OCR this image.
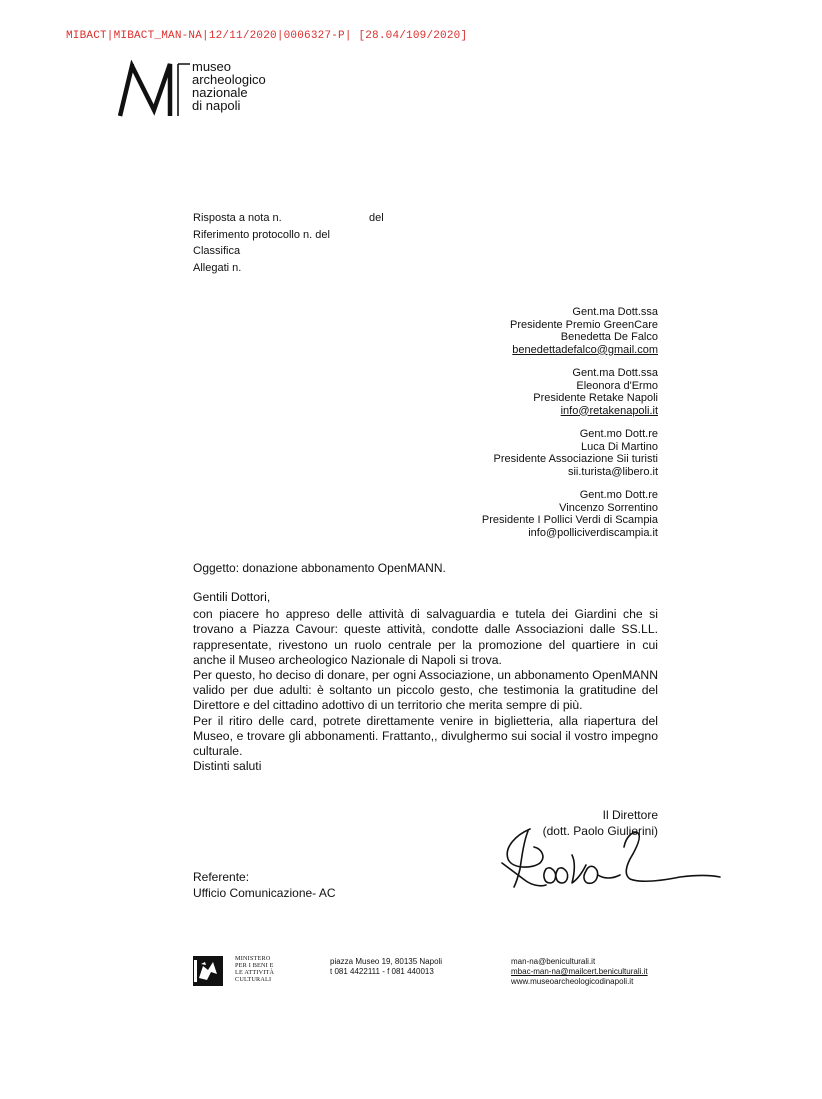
MIBACT|MIBACT_MAN-NA|12/11/2020|0006327-P| [28.04/109/2020]
museo
archeologico
nazionale
di napoli
Risposta a nota n.	del
Riferimento protocollo n. del
Classifica
Allegati n.
Gent.ma Dott.ssa
Presidente Premio GreenCare
Benedetta De Falco
benedettadefalco@gmail.com
Gent.ma Dott.ssa
Eleonora d'Ermo
Presidente Retake Napoli
info@retakenapoli.it
Gent.mo Dott.re
Luca Di Martino
Presidente Associazione Sii turisti
sii.turista@libero.it
Gent.mo Dott.re
Vincenzo Sorrentino
Presidente I Pollici Verdi di Scampia
info@polliciverdiscampia.it
Oggetto: donazione abbonamento OpenMANN.

Gentili Dottori,

con piacere ho appreso delle attività di salvaguardia e tutela dei Giardini che si trovano a Piazza Cavour: queste attività, condotte dalle Associazioni dalle SS.LL. rappresentate, rivestono un ruolo centrale per la promozione del quartiere in cui anche il Museo archeologico Nazionale di Napoli si trova.

Per questo, ho deciso di donare, per ogni Associazione, un abbonamento OpenMANN valido per due adulti: è soltanto un piccolo gesto, che testimonia la gratitudine del Direttore e del cittadino adottivo di un territorio che merita sempre di più.

Per il ritiro delle card, potrete direttamente venire in biglietteria, alla riapertura del Museo, e trovare gli abbonamenti. Frattanto,, divulghermo sui social il vostro impegno culturale.

Distinti saluti

Il Direttore
(dott. Paolo Giulierini)
Referente:
Ufficio Comunicazione- AC
MINISTERO
PER I BENI E
LE ATTIVITÀ
CULTURALI
piazza Museo 19, 80135 Napoli
t 081 4422111 - f 081 440013
man-na@beniculturali.it
mbac-man-na@mailcert.beniculturali.it
www.museoarcheologicodinapoli.it
